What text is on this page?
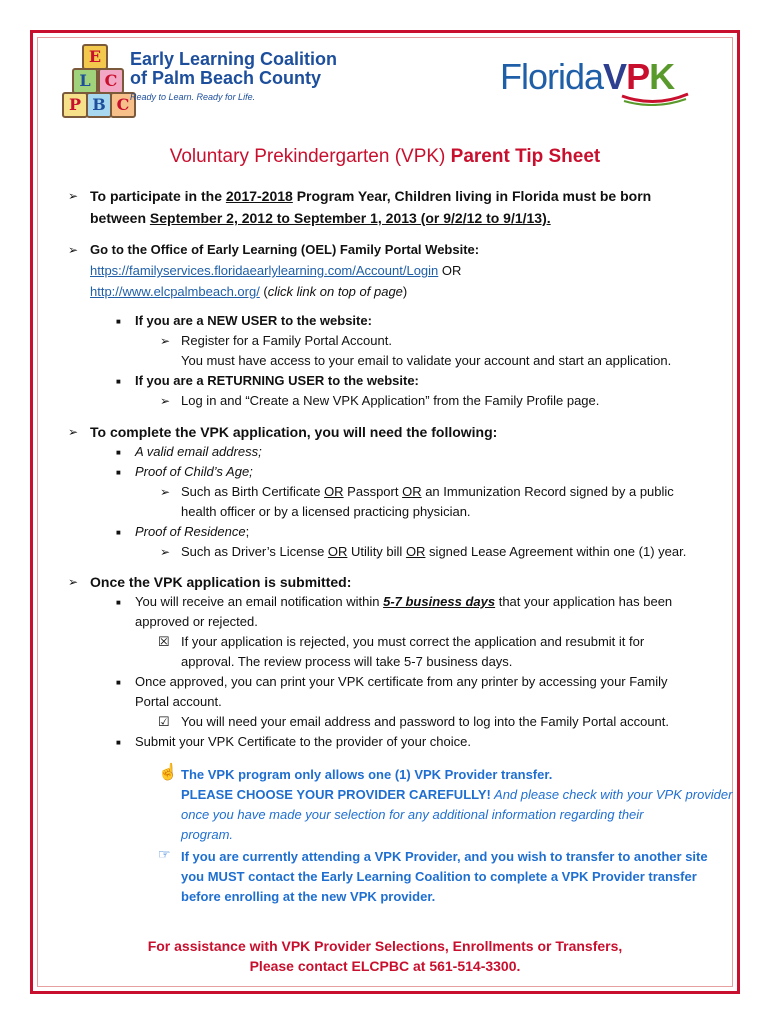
E
L C
P B C
Early Learning Coalition
of Palm Beach County
Ready to Learn. Ready for Life.	FloridaVPK
Voluntary Prekindergarten (VPK) Parent Tip Sheet
➢ To participate in the 2017-2018 Program Year, Children living in Florida must be born
between September 2, 2012 to September 1, 2013 (or 9/2/12 to 9/1/13).
➢ Go to the Office of Early Learning (OEL) Family Portal Website:
https://familyservices.floridaearlylearning.com/Account/Login OR
http://www.elcpalmbeach.org/ (click link on top of page)
■ If you are a NEW USER to the website:
➢ Register for a Family Portal Account.
You must have access to your email to validate your account and start an application.
■ If you are a RETURNING USER to the website:
➢ Log in and “Create a New VPK Application” from the Family Profile page.
➢ To complete the VPK application, you will need the following:
■ A valid email address;
■ Proof of Child’s Age;
➢ Such as Birth Certificate OR Passport OR an Immunization Record signed by a public
health officer or by a licensed practicing physician.
■ Proof of Residence;
➢ Such as Driver’s License OR Utility bill OR signed Lease Agreement within one (1) year.
➢ Once the VPK application is submitted:
■ You will receive an email notification within 5-7 business days that your application has been
approved or rejected.
☒ If your application is rejected, you must correct the application and resubmit it for
approval. The review process will take 5-7 business days.
■ Once approved, you can print your VPK certificate from any printer by accessing your Family
Portal account.
☑ You will need your email address and password to log into the Family Portal account.
■ Submit your VPK Certificate to the provider of your choice.
☝ The VPK program only allows one (1) VPK Provider transfer.
PLEASE CHOOSE YOUR PROVIDER CAREFULLY! And please check with your VPK provider
once you have made your selection for any additional information regarding their
program.
☞ If you are currently attending a VPK Provider, and you wish to transfer to another site
you MUST contact the Early Learning Coalition to complete a VPK Provider transfer
before enrolling at the new VPK provider.
For assistance with VPK Provider Selections, Enrollments or Transfers,
Please contact ELCPBC at 561-514-3300.
